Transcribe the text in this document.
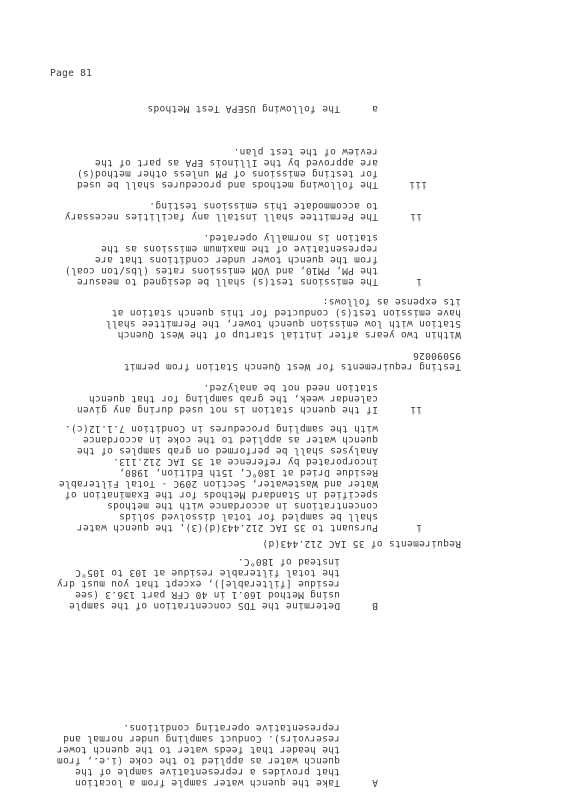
A
Take the quench water sample from a location
that provides a representative sample of the
quench water as applied to the coke (i.e., from
the header that feeds water to the quench tower
reservoirs). Conduct sampling under normal and
representative operating conditions.
B
Determine the TDS concentration of the sample
using Method 160.1 in 40 CFR part 136.3 (see
residue [filterable]), except that you must dry
the total filterable residue at 103 to 105°C
instead of 180°C.
Requirements of 35 IAC 212.443(d)
i
Pursuant to 35 IAC 212.443(d)(3), the quench water
shall be sampled for total dissolved solids
concentrations in accordance with the methods
specified in Standard Methods for the Examination of
Water and Wastewater, Section 209C - Total Filterable
Residue Dried at 180°C, 15th Edition, 1980,
incorporated by reference at 35 IAC 212.113.
Analyses shall be performed on grab samples of the
quench water as applied to the coke in accordance
with the sampling procedures in Condition 7.1.12(c).
ii
If the quench station is not used during any given
calendar week, the grab sampling for that quench
station need not be analyzed.
Testing requirements for West Quench Station from permit
95090026
Within two years after initial startup of the West Quench
Station with low emission quench tower, the Permittee shall
have emission test(s) conducted for this quench station at
its expense as follows:
i
The emissions test(s) shall be designed to measure
the PM, PM10, and VOM emissions rates (lbs/ton coal)
from the quench tower under conditions that are
representative of the maximum emissions as the
station is normally operated.
ii
The Permittee shall install any facilities necessary
to accommodate this emissions testing.
iii
The following methods and procedures shall be used
for testing emissions of PM unless other method(s)
are approved by the Illinois EPA as part of the
review of the test plan.
a
The following USEPA Test Methods
Page 81
